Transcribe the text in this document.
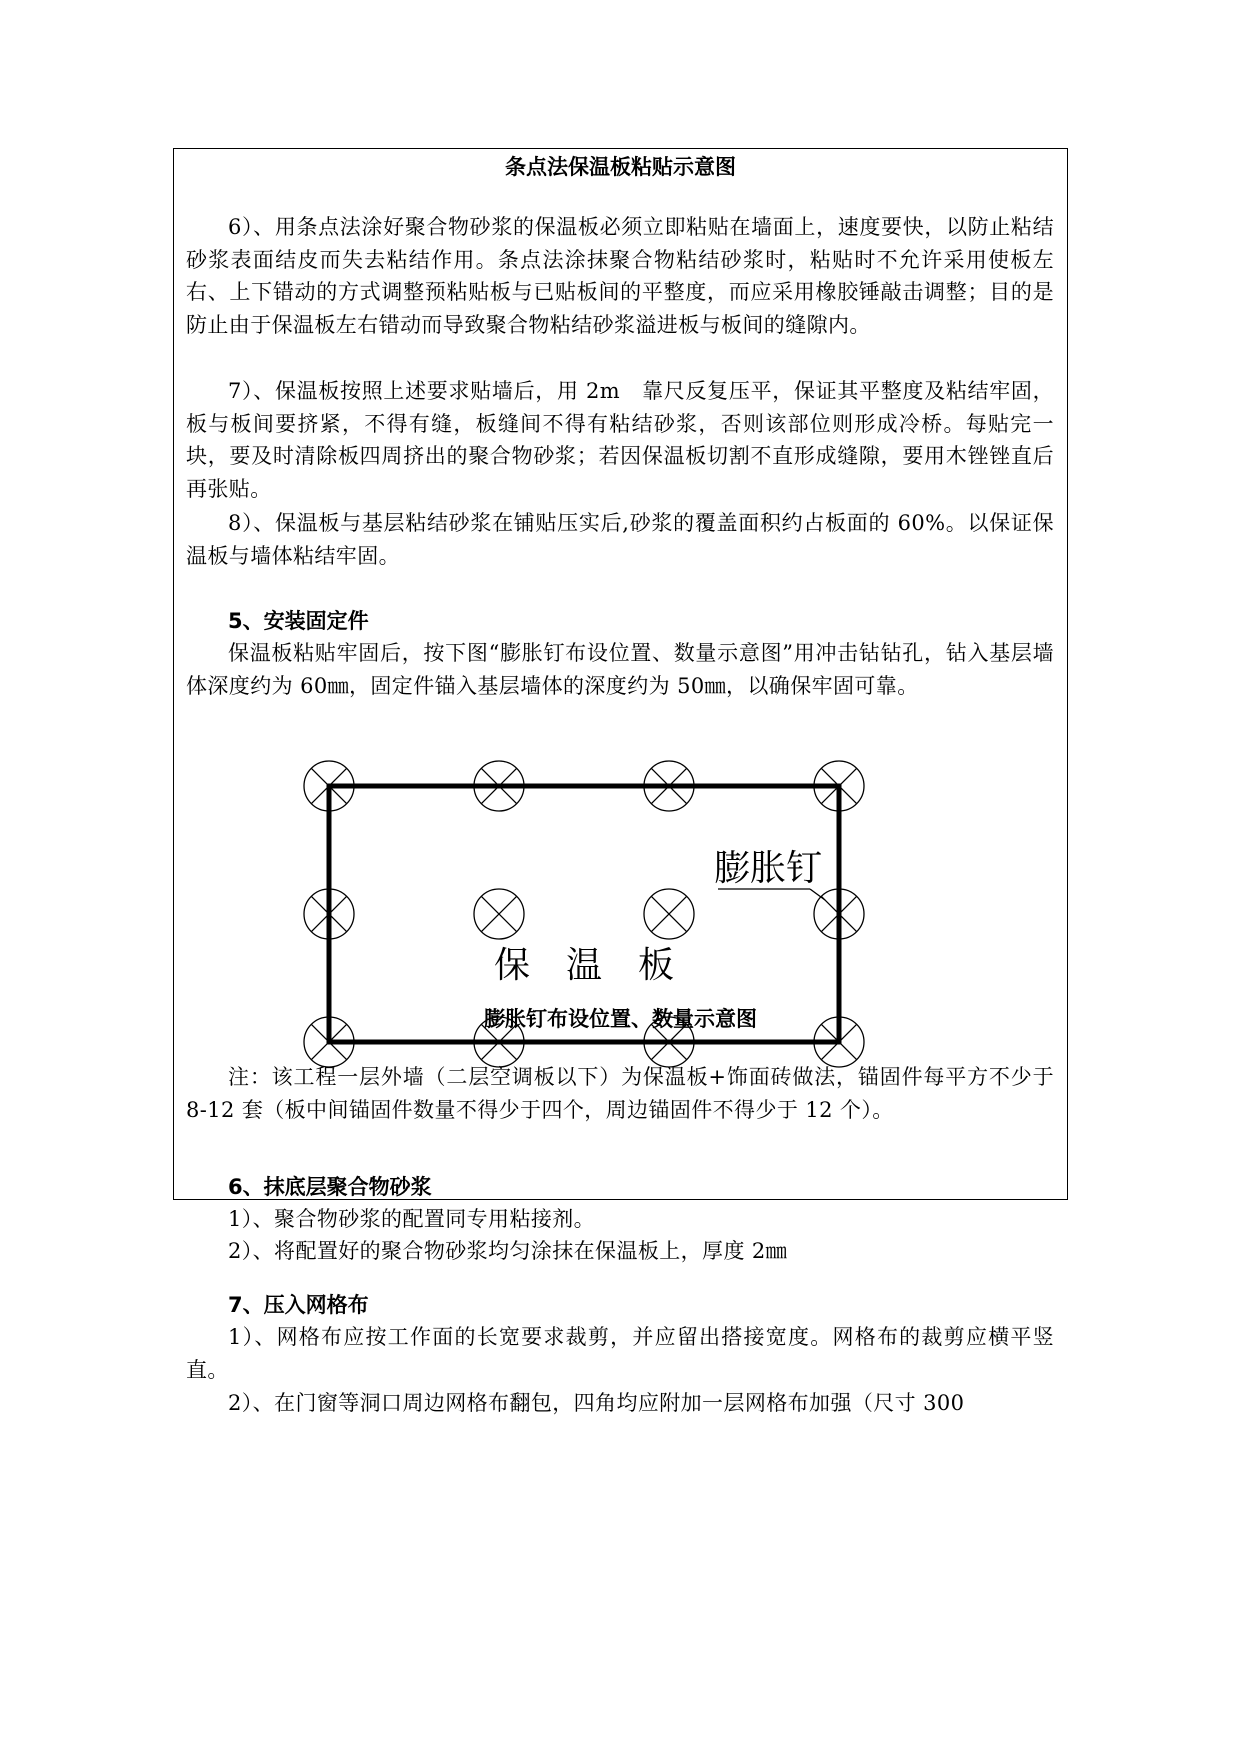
条点法保温板粘贴示意图

6）、用条点法涂好聚合物砂浆的保温板必须立即粘贴在墙面上，速度要快，以防止粘结砂浆表面结皮而失去粘结作用。条点法涂抹聚合物粘结砂浆时，粘贴时不允许采用使板左右、上下错动的方式调整预粘贴板与已贴板间的平整度，而应采用橡胶锤敲击调整；目的是防止由于保温板左右错动而导致聚合物粘结砂浆溢进板与板间的缝隙内。

7）、保温板按照上述要求贴墙后，用 2m　靠尺反复压平，保证其平整度及粘结牢固，板与板间要挤紧，不得有缝，板缝间不得有粘结砂浆，否则该部位则形成冷桥。每贴完一块，要及时清除板四周挤出的聚合物砂浆；若因保温板切割不直形成缝隙，要用木锉锉直后再张贴。

8）、保温板与基层粘结砂浆在铺贴压实后,砂浆的覆盖面积约占板面的 60%。以保证保温板与墙体粘结牢固。

5、安装固定件

保温板粘贴牢固后，按下图“膨胀钉布设位置、数量示意图”用冲击钻钻孔，钻入基层墙体深度约为 60㎜，固定件锚入基层墙体的深度约为 50㎜，以确保牢固可靠。

膨胀钉
保　温　板
膨胀钉布设位置、数量示意图

注：该工程一层外墙（二层空调板以下）为保温板+饰面砖做法，锚固件每平方不少于 8-12 套（板中间锚固件数量不得少于四个，周边锚固件不得少于 12 个）。

6、抹底层聚合物砂浆

1）、聚合物砂浆的配置同专用粘接剂。

2）、将配置好的聚合物砂浆均匀涂抹在保温板上，厚度 2㎜

7、压入网格布

1）、网格布应按工作面的长宽要求裁剪，并应留出搭接宽度。网格布的裁剪应横平竖直。

2）、在门窗等洞口周边网格布翻包，四角均应附加一层网格布加强（尺寸 300
